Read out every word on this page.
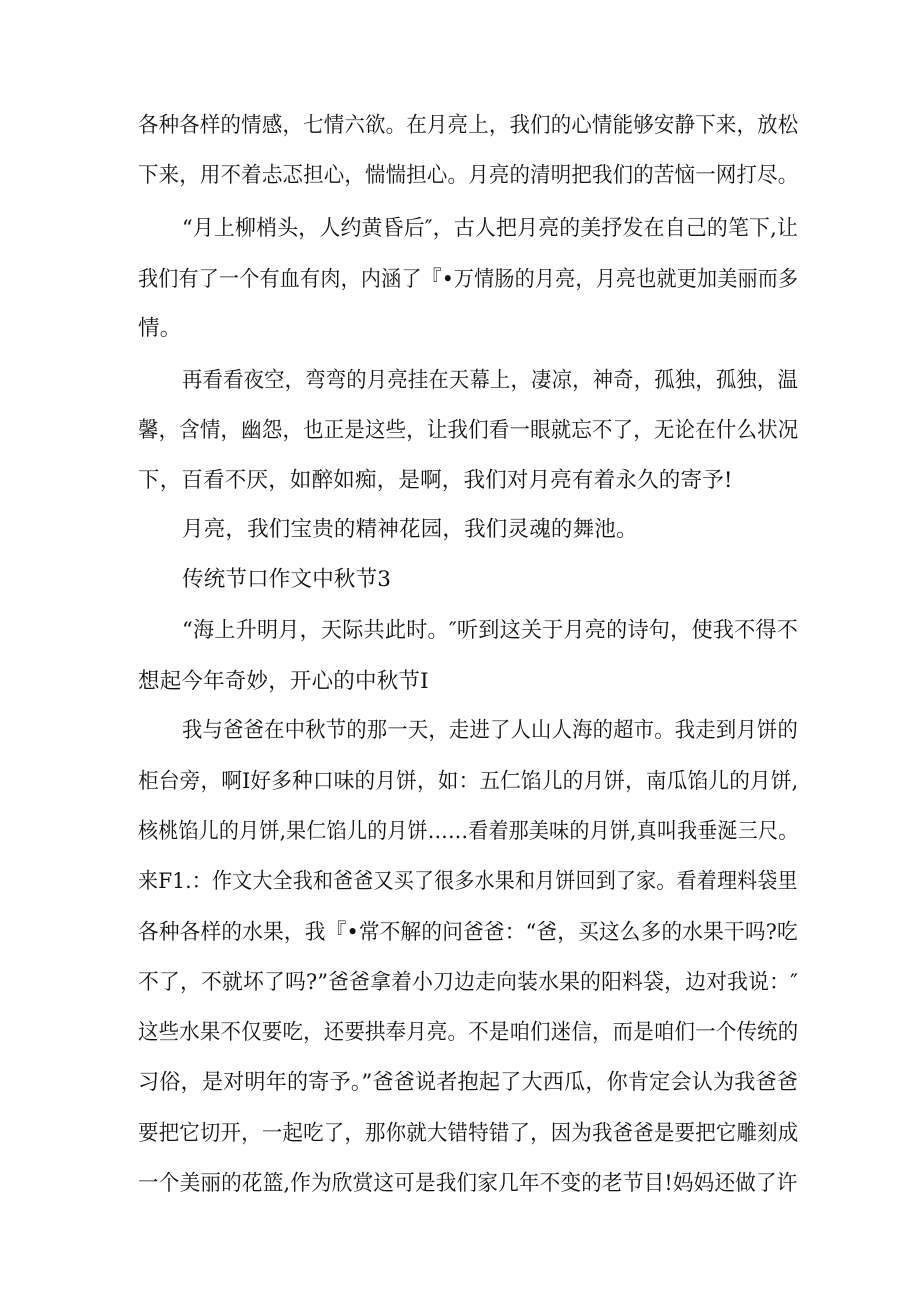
各种各样的情感，七情六欲。在月亮上，我们的心情能够安静下来，放松
下来，用不着忐忑担心，惴惴担心。月亮的清明把我们的苦恼一网打尽。
“月上柳梢头，人约黄昏后″，古人把月亮的美抒发在自己的笔下,让
我们有了一个有血有肉，内涵了『•万情肠的月亮，月亮也就更加美丽而多
情。
再看看夜空，弯弯的月亮挂在天幕上，凄凉，神奇，孤独，孤独，温
馨，含情，幽怨，也正是这些，让我们看一眼就忘不了，无论在什么状况
下，百看不厌，如醉如痴，是啊，我们对月亮有着永久的寄予!
月亮，我们宝贵的精神花园，我们灵魂的舞池。
传统节口作文中秋节3
“海上升明月，天际共此时。″听到这关于月亮的诗句，使我不得不
想起今年奇妙，开心的中秋节I
我与爸爸在中秋节的那一天，走进了人山人海的超市。我走到月饼的
柜台旁，啊I好多种口味的月饼，如：五仁馅儿的月饼，南瓜馅儿的月饼,
核桃馅儿的月饼,果仁馅儿的月饼……看着那美味的月饼,真叫我垂涎三尺。
来F1.：作文大全我和爸爸又买了很多水果和月饼回到了家。看着理料袋里
各种各样的水果，我『•常不解的问爸爸：“爸，买这么多的水果干吗?吃
不了，不就坏了吗?”爸爸拿着小刀边走向装水果的阳料袋，边对我说：″
这些水果不仅要吃，还要拱奉月亮。不是咱们迷信，而是咱们一个传统的
习俗，是对明年的寄予。”爸爸说者抱起了大西瓜，你肯定会认为我爸爸
要把它切开，一起吃了，那你就大错特错了，因为我爸爸是要把它雕刻成
一个美丽的花篮,作为欣赏这可是我们家几年不变的老节目!妈妈还做了许
